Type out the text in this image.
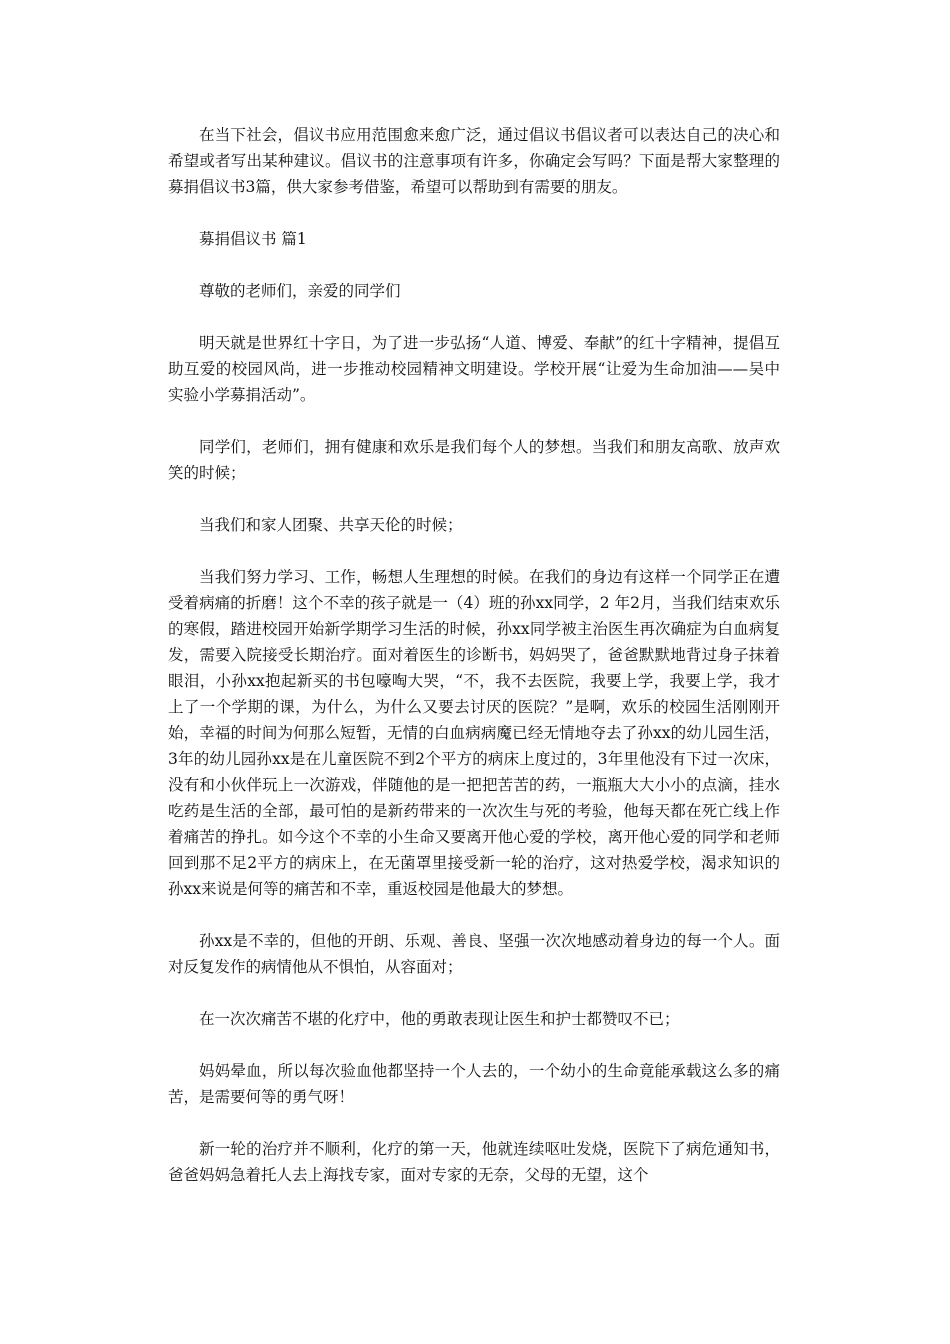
在当下社会，倡议书应用范围愈来愈广泛，通过倡议书倡议者可以表达自己的决心和希望或者写出某种建议。倡议书的注意事项有许多，你确定会写吗？下面是帮大家整理的募捐倡议书3篇，供大家参考借鉴，希望可以帮助到有需要的朋友。

募捐倡议书 篇1

尊敬的老师们，亲爱的同学们

明天就是世界红十字日，为了进一步弘扬“人道、博爱、奉献”的红十字精神，提倡互助互爱的校园风尚，进一步推动校园精神文明建设。学校开展“让爱为生命加油——吴中实验小学募捐活动”。

同学们，老师们，拥有健康和欢乐是我们每个人的梦想。当我们和朋友高歌、放声欢笑的时候；

当我们和家人团聚、共享天伦的时候；

当我们努力学习、工作，畅想人生理想的时候。在我们的身边有这样一个同学正在遭受着病痛的折磨！这个不幸的孩子就是一（4）班的孙xx同学，2 年2月，当我们结束欢乐的寒假，踏进校园开始新学期学习生活的时候，孙xx同学被主治医生再次确症为白血病复发，需要入院接受长期治疗。面对着医生的诊断书，妈妈哭了，爸爸默默地背过身子抹着眼泪，小孙xx抱起新买的书包嚎啕大哭，“不，我不去医院，我要上学，我要上学，我才上了一个学期的课，为什么，为什么又要去讨厌的医院？”是啊，欢乐的校园生活刚刚开始，幸福的时间为何那么短暂，无情的白血病病魔已经无情地夺去了孙xx的幼儿园生活，3年的幼儿园孙xx是在儿童医院不到2个平方的病床上度过的，3年里他没有下过一次床，没有和小伙伴玩上一次游戏，伴随他的是一把把苦苦的药，一瓶瓶大大小小的点滴，挂水吃药是生活的全部，最可怕的是新药带来的一次次生与死的考验，他每天都在死亡线上作着痛苦的挣扎。如今这个不幸的小生命又要离开他心爱的学校，离开他心爱的同学和老师回到那不足2平方的病床上，在无菌罩里接受新一轮的治疗，这对热爱学校，渴求知识的孙xx来说是何等的痛苦和不幸，重返校园是他最大的梦想。

孙xx是不幸的，但他的开朗、乐观、善良、坚强一次次地感动着身边的每一个人。面对反复发作的病情他从不惧怕，从容面对；

在一次次痛苦不堪的化疗中，他的勇敢表现让医生和护士都赞叹不已；

妈妈晕血，所以每次验血他都坚持一个人去的，一个幼小的生命竟能承载这么多的痛苦，是需要何等的勇气呀！

新一轮的治疗并不顺利，化疗的第一天，他就连续呕吐发烧，医院下了病危通知书，爸爸妈妈急着托人去上海找专家，面对专家的无奈，父母的无望，这个
